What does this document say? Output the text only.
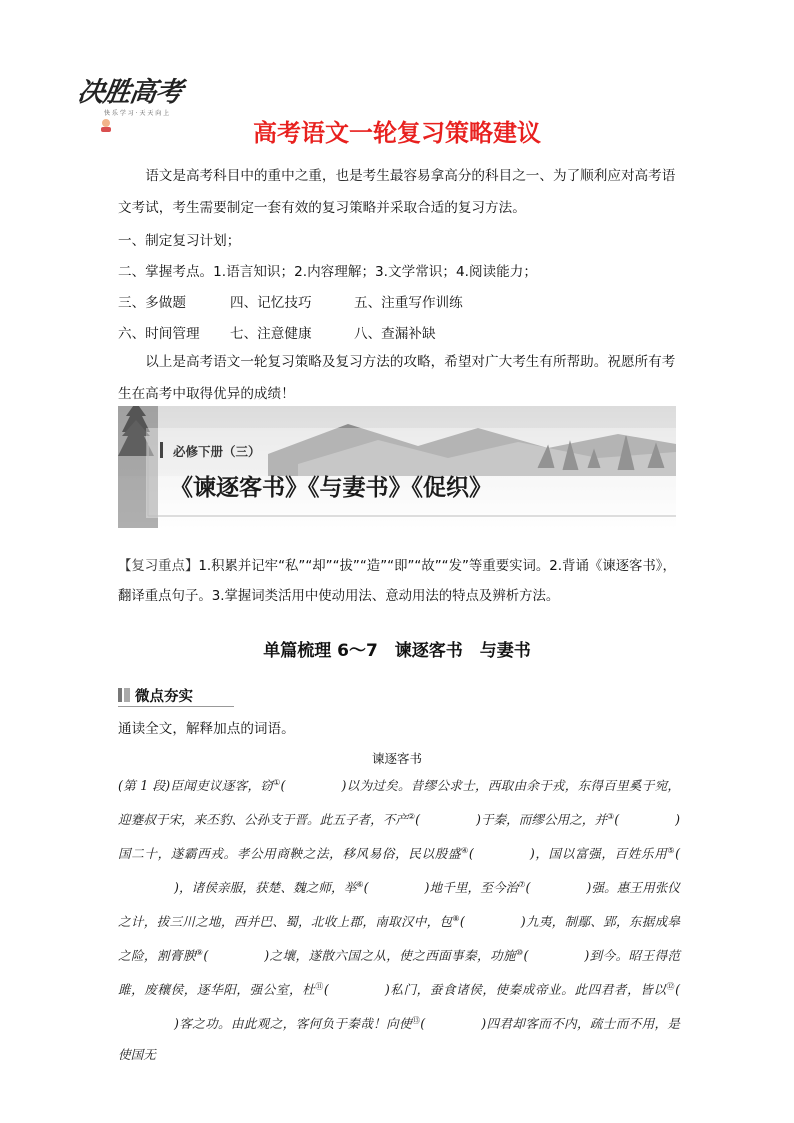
决胜高考
快 乐 学 习 · 天 天 向 上
高考语文一轮复习策略建议
语文是高考科目中的重中之重，也是考生最容易拿高分的科目之一、为了顺利应对高考语文考试，考生需要制定一套有效的复习策略并采取合适的复习方法。
一、制定复习计划；
二、掌握考点。1.语言知识；2.内容理解；3.文学常识；4.阅读能力；
三、多做题	四、记忆技巧	五、注重写作训练
六、时间管理 七、注意健康	八、查漏补缺
以上是高考语文一轮复习策略及复习方法的攻略，希望对广大考生有所帮助。祝愿所有考生在高考中取得优异的成绩！
必修下册（三）
《谏逐客书》《与妻书》《促织》
【复习重点】1.积累并记牢“私”“却”“拔”“造”“即”“故”“发”等重要实词。2.背诵《谏逐客书》，翻译重点句子。3.掌握词类活用中使动用法、意动用法的特点及辨析方法。
单篇梳理 6～7　谏逐客书　与妻书
微点夯实
通读全文，解释加点的词语。
谏逐客书
(第 1 段)臣闻吏议逐客，窃①(	)以为过矣。昔缪公求士，西取由余于戎，东得百里奚于宛，迎蹇叔于宋，来丕豹、公孙支于晋。此五子者，不产②(	)于秦，而缪公用之，并③(	)国二十，遂霸西戎。孝公用商鞅之法，移风易俗，民以殷盛④(	)，国以富强，百姓乐用⑤()，诸侯亲服，获楚、魏之师，举⑥(	)地千里，至今治⑦(	)强。惠王用张仪之计，拔三川之地，西并巴、蜀，北收上郡，南取汉中，包⑧(	)九夷，制鄢、郢，东据成皋之险，割膏腴⑨(	)之壤，遂散六国之从，使之西面事秦，功施⑩(	)到今。昭王得范雎，废穰侯，逐华阳，强公室，杜⑪(	)私门，蚕食诸侯，使秦成帝业。此四君者，皆以⑫()客之功。由此观之，客何负于秦哉！向使⑬(	)四君却客而不内，疏士而不用，是使国无
